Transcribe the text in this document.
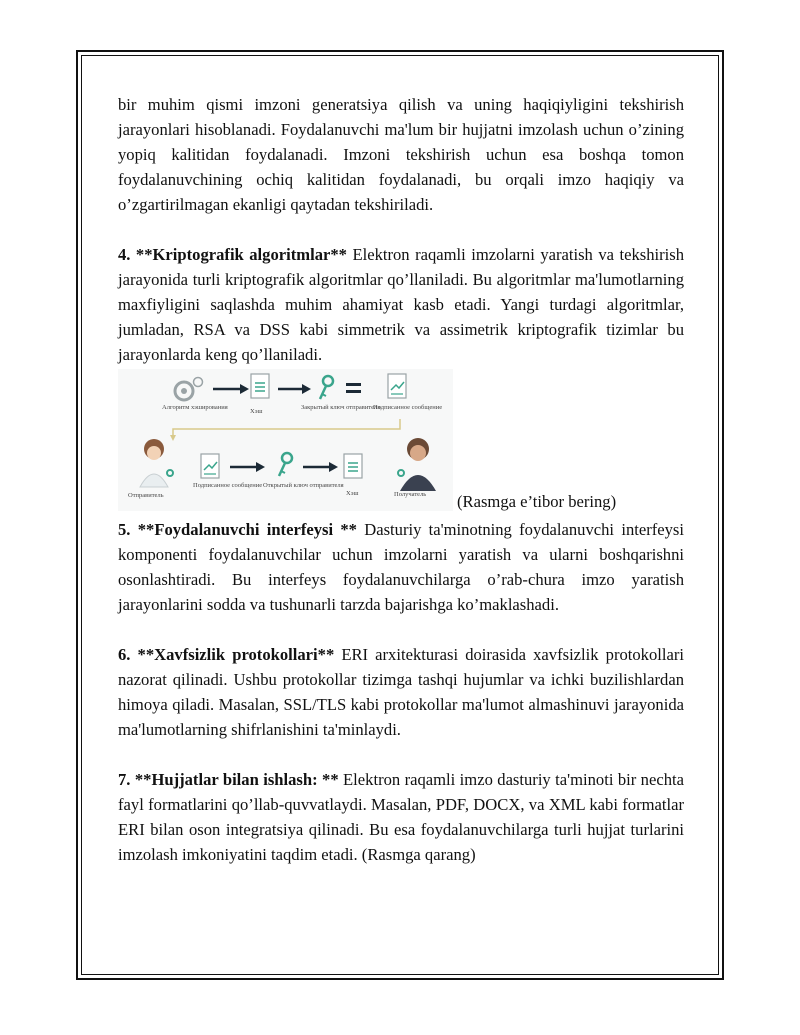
bir muhim qismi imzoni generatsiya qilish va uning haqiqiyligini tekshirish jarayonlari hisoblanadi. Foydalanuvchi ma'lum bir hujjatni imzolash uchun o’zining yopiq kalitidan foydalanadi. Imzoni tekshirish uchun esa boshqa tomon foydalanuvchining ochiq kalitidan foydalanadi, bu orqali imzo haqiqiy va o’zgartirilmagan ekanligi qaytadan tekshiriladi.

4. **Kriptografik algoritmlar** Elektron raqamli imzolarni yaratish va tekshirish jarayonida turli kriptografik algoritmlar qo’llaniladi. Bu algoritmlar ma'lumotlarning maxfiyligini saqlashda muhim ahamiyat kasb etadi. Yangi turdagi algoritmlar, jumladan, RSA va DSS kabi simmetrik va assimetrik kriptografik tizimlar bu jarayonlarda keng qo’llaniladi.

Алгоритм хэширования
Хэш
Закрытый ключ отправителя
Подписанное сообщение
Отправитель
Подписанное сообщение Открытый ключ отправителя
Хэш	Получатель (Rasmga e’tibor bering)

5. **Foydalanuvchi interfeysi ** Dasturiy ta'minotning foydalanuvchi interfeysi komponenti foydalanuvchilar uchun imzolarni yaratish va ularni boshqarishni osonlashtiradi. Bu interfeys foydalanuvchilarga o’rab-chura imzo yaratish jarayonlarini sodda va tushunarli tarzda bajarishga ko’maklashadi.

6. **Xavfsizlik protokollari** ERI arxitekturasi doirasida xavfsizlik protokollari nazorat qilinadi. Ushbu protokollar tizimga tashqi hujumlar va ichki buzilishlardan himoya qiladi. Masalan, SSL/TLS kabi protokollar ma'lumot almashinuvi jarayonida ma'lumotlarning shifrlanishini ta'minlaydi.

7. **Hujjatlar bilan ishlash: ** Elektron raqamli imzo dasturiy ta'minoti bir nechta fayl formatlarini qo’llab-quvvatlaydi. Masalan, PDF, DOCX, va XML kabi formatlar ERI bilan oson integratsiya qilinadi. Bu esa foydalanuvchilarga turli hujjat turlarini imzolash imkoniyatini taqdim etadi. (Rasmga qarang)
